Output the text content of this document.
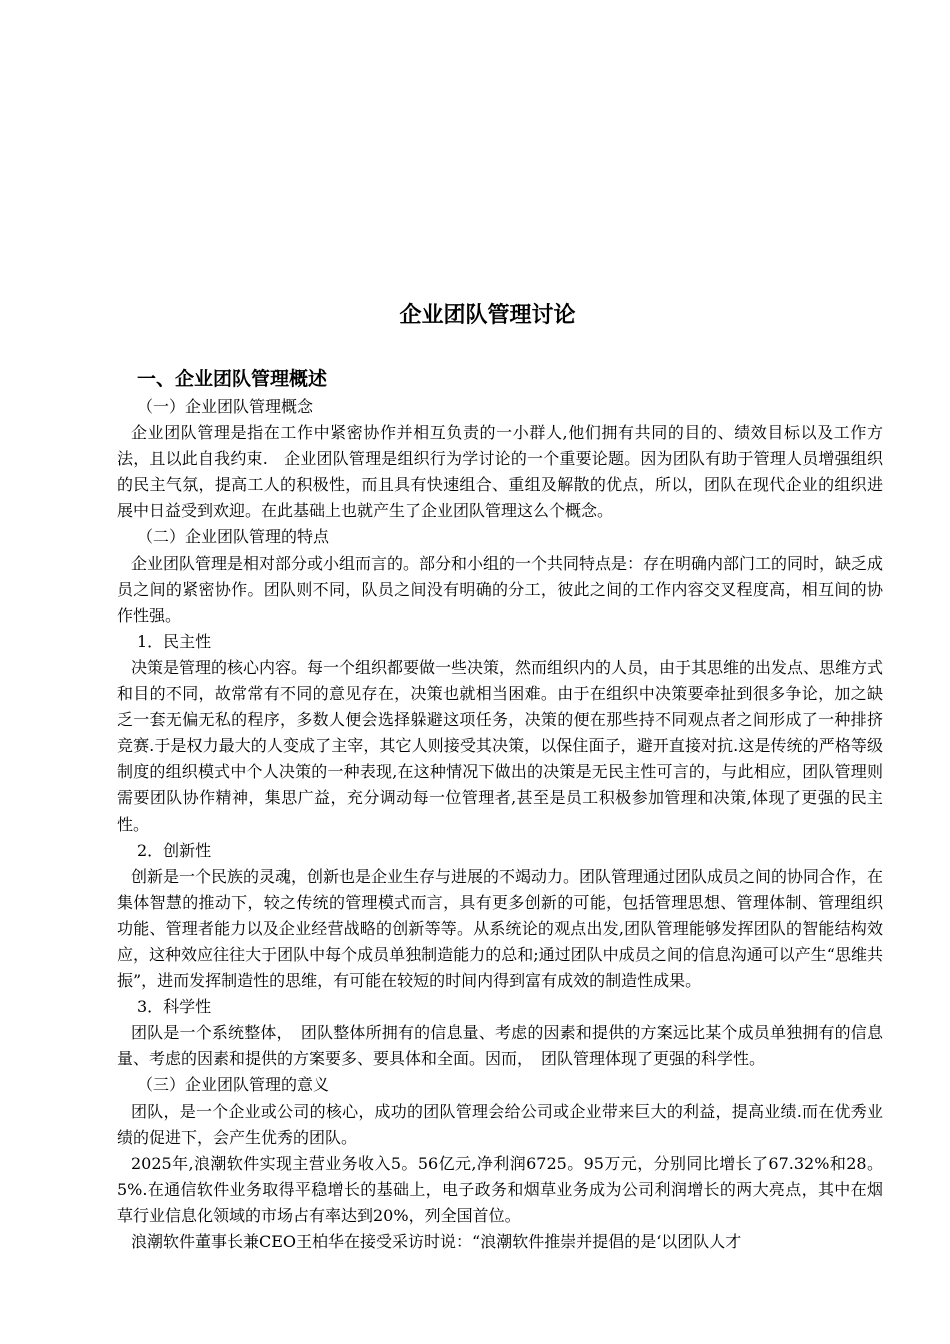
企业团队管理讨论
一、企业团队管理概述
（一）企业团队管理概念

企业团队管理是指在工作中紧密协作并相互负责的一小群人,他们拥有共同的目的、绩效目标以及工作方法，且以此自我约束.　企业团队管理是组织行为学讨论的一个重要论题。因为团队有助于管理人员增强组织的民主气氛，提高工人的积极性，而且具有快速组合、重组及解散的优点，所以，团队在现代企业的组织进展中日益受到欢迎。在此基础上也就产生了企业团队管理这么个概念。

（二）企业团队管理的特点

企业团队管理是相对部分或小组而言的。部分和小组的一个共同特点是：存在明确内部门工的同时，缺乏成员之间的紧密协作。团队则不同，队员之间没有明确的分工，彼此之间的工作内容交叉程度高，相互间的协作性强。

1．民主性

决策是管理的核心内容。每一个组织都要做一些决策，然而组织内的人员，由于其思维的出发点、思维方式和目的不同，故常常有不同的意见存在，决策也就相当困难。由于在组织中决策要牵扯到很多争论，加之缺乏一套无偏无私的程序，多数人便会选择躲避这项任务，决策的便在那些持不同观点者之间形成了一种排挤竞赛.于是权力最大的人变成了主宰，其它人则接受其决策，以保住面子，避开直接对抗.这是传统的严格等级制度的组织模式中个人决策的一种表现,在这种情况下做出的决策是无民主性可言的，与此相应，团队管理则需要团队协作精神，集思广益，充分调动每一位管理者,甚至是员工积极参加管理和决策,体现了更强的民主性。

2．创新性

创新是一个民族的灵魂，创新也是企业生存与进展的不竭动力。团队管理通过团队成员之间的协同合作，在集体智慧的推动下，较之传统的管理模式而言，具有更多创新的可能，包括管理思想、管理体制、管理组织功能、管理者能力以及企业经营战略的创新等等。从系统论的观点出发,团队管理能够发挥团队的智能结构效应，这种效应往往大于团队中每个成员单独制造能力的总和;通过团队中成员之间的信息沟通可以产生“思维共振”，进而发挥制造性的思维，有可能在较短的时间内得到富有成效的制造性成果。

3．科学性

团队是一个系统整体，　团队整体所拥有的信息量、考虑的因素和提供的方案远比某个成员单独拥有的信息量、考虑的因素和提供的方案要多、要具体和全面。因而，　团队管理体现了更强的科学性。

（三）企业团队管理的意义

团队，是一个企业或公司的核心，成功的团队管理会给公司或企业带来巨大的利益，提高业绩.而在优秀业绩的促进下，会产生优秀的团队。

2025年,浪潮软件实现主营业务收入5。56亿元,净利润6725。95万元，分别同比增长了67.32%和28。5%.在通信软件业务取得平稳增长的基础上，电子政务和烟草业务成为公司利润增长的两大亮点，其中在烟草行业信息化领域的市场占有率达到20%，列全国首位。

浪潮软件董事长兼CEO王柏华在接受采访时说：“浪潮软件推崇并提倡的是‘以团队人才
